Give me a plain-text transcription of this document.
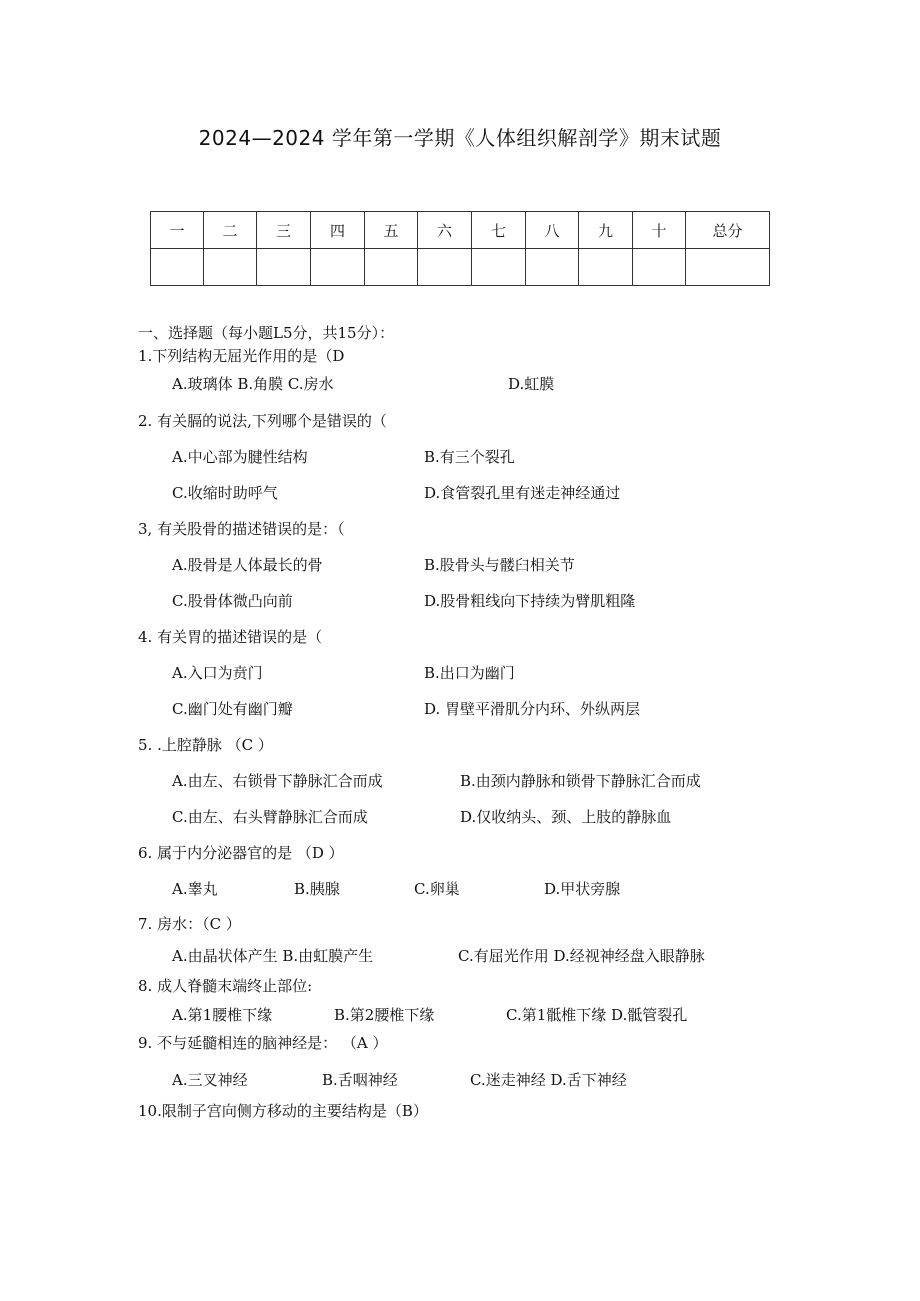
2024—2024 学年第一学期《人体组织解剖学》期末试题
一	二	三	四	五	六	七	八	九	十	总分

一、选择题（每小题L5分，共15分）：
1.下列结构无屈光作用的是（D
A.玻璃体 B.角膜 C.房水	D.虹膜
2. 有关膈的说法,下列哪个是错误的（
A.中心部为腱性结构	B.有三个裂孔
C.收缩时助呼气	D.食管裂孔里有迷走神经通过
3, 有关股骨的描述错误的是：（
A.股骨是人体最长的骨	B.股骨头与髅臼相关节
C.股骨体微凸向前	D.股骨粗线向下持续为臂肌粗隆
4. 有关胃的描述错误的是（
A.入口为贲门	B.出口为幽门
C.幽门处有幽门瓣	D. 胃壁平滑肌分内环、外纵两层
5. .上腔静脉 （C ）
A.由左、右锁骨下静脉汇合而成	B.由颈内静脉和锁骨下静脉汇合而成
C.由左、右头臂静脉汇合而成	D.仅收纳头、颈、上肢的静脉血
6. 属于内分泌器官的是 （D ）
A.睾丸	B.胰腺	C.卵巢	D.甲状旁腺
7. 房水：（C ）
A.由晶状体产生 B.由虹膜产生	C.有屈光作用 D.经视神经盘入眼静脉
8. 成人脊髓末端终止部位:
A.第1腰椎下缘	B.第2腰椎下缘	C.第1骶椎下缘 D.骶管裂孔
9. 不与延髓相连的脑神经是： （A ）
A.三叉神经	B.舌咽神经	C.迷走神经 D.舌下神经
10.限制子宫向侧方移动的主要结构是（B）
